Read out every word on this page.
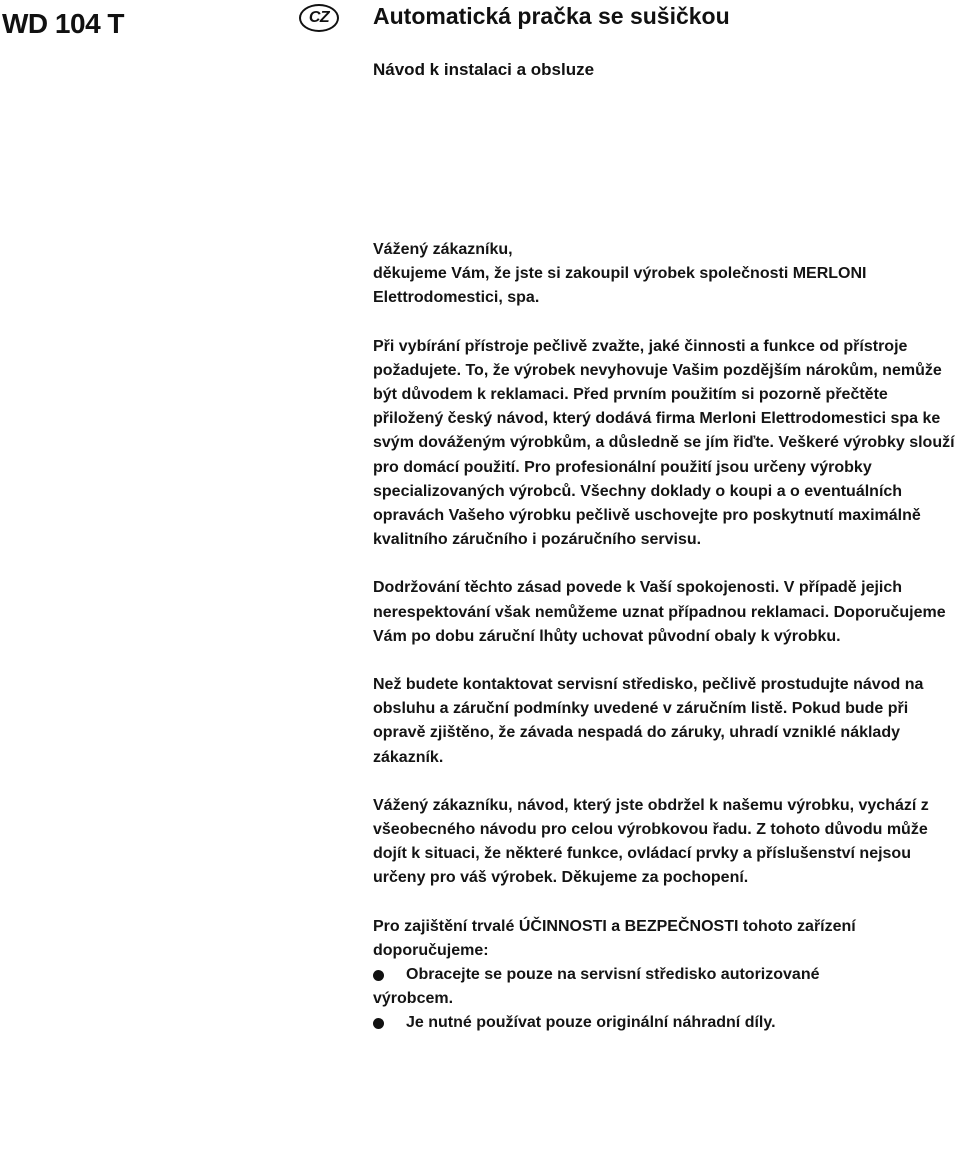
WD 104 T	CZ	Automatická pračka se sušičkou
Návod k instalaci a obsluze

Vážený zákazníku,

děkujeme Vám, že jste si zakoupil výrobek společnosti MERLONI Elettrodomestici, spa.

Při vybírání přístroje pečlivě zvažte, jaké činnosti a funkce od přístroje požadujete. To, že výrobek nevyhovuje Vašim pozdějším nárokům, nemůže být důvodem k reklamaci. Před prvním použitím si pozorně přečtěte přiložený český návod, který dodává firma Merloni Elettrodomestici spa ke svým dováženým výrobkům, a důsledně se jím řiďte. Veškeré výrobky slouží pro domácí použití. Pro profesionální použití jsou určeny výrobky specializovaných výrobců. Všechny doklady o koupi a o eventuálních opravách Vašeho výrobku pečlivě uschovejte pro poskytnutí maximálně kvalitního záručního i pozáručního servisu.

Dodržování těchto zásad povede k Vaší spokojenosti. V případě jejich nerespektování však nemůžeme uznat případnou reklamaci. Doporučujeme Vám po dobu záruční lhůty uchovat původní obaly k výrobku.

Než budete kontaktovat servisní středisko, pečlivě prostudujte návod na obsluhu a záruční podmínky uvedené v záručním listě. Pokud bude při opravě zjištěno, že závada nespadá do záruky, uhradí vzniklé náklady zákazník.

Vážený zákazníku, návod, který jste obdržel k našemu výrobku, vychází z všeobecného návodu pro celou výrobkovou řadu. Z tohoto důvodu může dojít k situaci, že některé funkce, ovládací prvky a příslušenství nejsou určeny pro váš výrobek. Děkujeme za pochopení.

Pro zajištění trvalé ÚČINNOSTI a BEZPEČNOSTI tohoto zařízení doporučujeme:

Obracejte se pouze na servisní středisko autorizované
výrobcem.
Je nutné používat pouze originální náhradní díly.
